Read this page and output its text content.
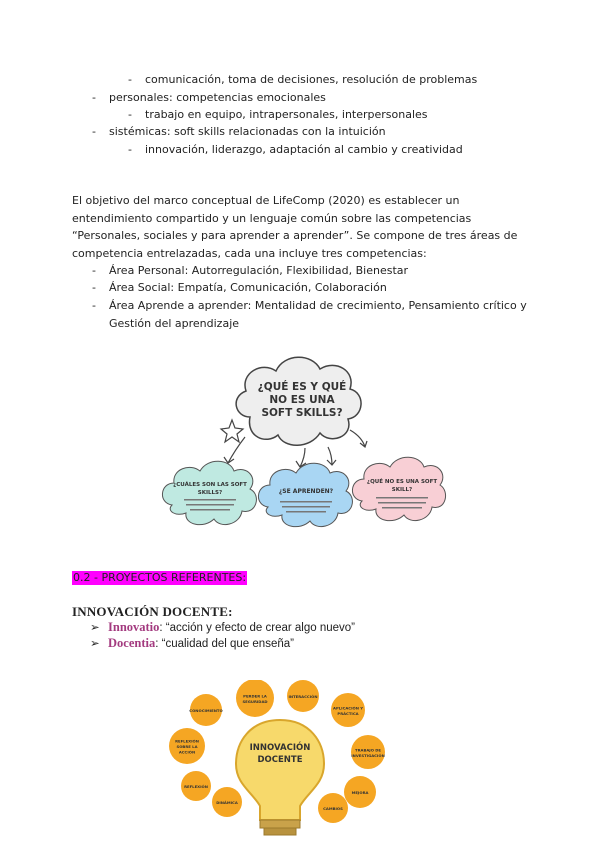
- comunicación, toma de decisiones, resolución de problemas
- personales: competencias emocionales
- trabajo en equipo, intrapersonales, interpersonales
- sistémicas: soft skills relacionadas con la intuición
- innovación, liderazgo, adaptación al cambio y creatividad
El objetivo del marco conceptual de LifeComp (2020) es establecer un entendimiento compartido y un lenguaje común sobre las competencias “Personales, sociales y para aprender a aprender”. Se compone de tres áreas de competencia entrelazadas, cada una incluye tres competencias:
- Área Personal: Autorregulación, Flexibilidad, Bienestar
- Área Social: Empatía, Comunicación, Colaboración
- Área Aprende a aprender: Mentalidad de crecimiento, Pensamiento crítico y Gestión del aprendizaje
¿QUÉ ES Y QUÉ
NO ES UNA
SOFT SKILLS?
¿CUÁLES SON LAS SOFT
SKILLS?	¿SE APRENDEN?
¿QUÉ NO ES UNA SOFT
SKILL?
0.2 - PROYECTOS REFERENTES:
INNOVACIÓN DOCENTE:
➢ Innovatio: “acción y efecto de crear algo nuevo”
➢ Docentia: “cualidad del que enseña”
INNOVACIÓN
DOCENTE
PERDER LA
SEGURIDAD
INTERACCIÓN
APLICACIÓN Y
PRÁCTICA
TRABAJO DE
INVESTIGACIÓN
MEJORA
CAMBIOS
DINÁMICA
REFLEXIÓN
REFLEXIÓN
SOBRE LA
ACCIÓN
CONOCIMIENTO
